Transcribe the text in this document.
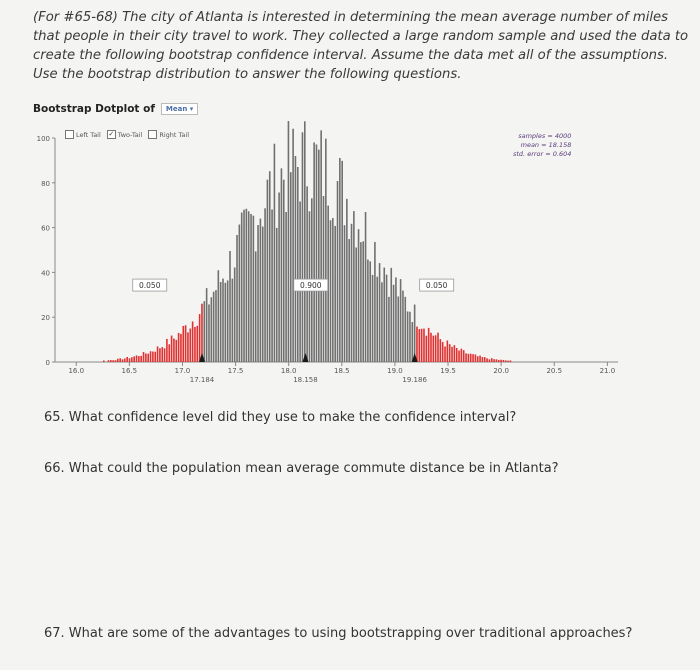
(For #65-68) The city of Atlanta is interested in determining the mean average number of miles that people in their city travel to work. They collected a large random sample and used the data to create the following bootstrap confidence interval. Assume the data met all of the assumptions. Use the bootstrap distribution to answer the following questions.
Bootstrap Dotplot of	Mean ▾
Left Tail ✓ Two-Tail	Right Tail	samples = 4000
mean = 18.158
std. error = 0.604
0
20
40
60
80
100
16.0	16.5	17.0	17.5	18.0	18.5	19.0	19.5	20.0	20.5	21.0
0.050	0.900	0.050
17.184	18.158	19.186
65. What confidence level did they use to make the confidence interval?
66. What could the population mean average commute distance be in Atlanta?
67. What are some of the advantages to using bootstrapping over traditional approaches?
